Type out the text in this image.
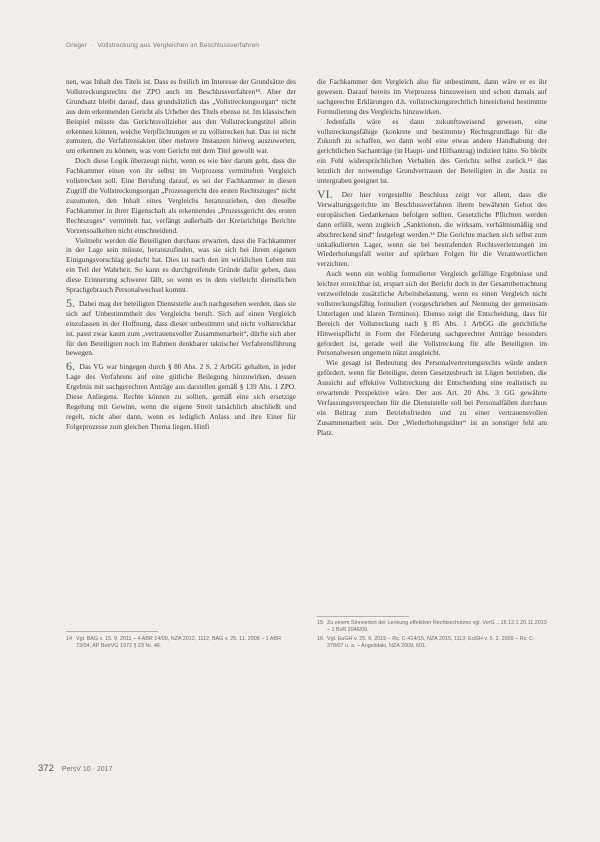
Greger · Vollstreckung aus Vergleichen im Beschlussverfahren

nen, was Inhalt des Titels ist. Dass es freilich im Interesse der Grundsätze des Vollstreckungsrechts der ZPO auch im Beschlussverfahren¹⁴. Aber der Grundsatz bleibt darauf, dass grundsätzlich das „Vollstreckungsorgan“ nicht aus dem erkennenden Gericht als Urheber des Titels ebenso ist. Im klassischen Beispiel müsste das Gerichtsvollzieher aus den Vollstreckungstitel allein erkennen können, welche Verpflichtungen er zu vollstrecken hat. Das ist nicht zumuten, die Verfahrensakten über mehrere Instanzen hinweg auszuwerten, um erkennen zu können, was vom Gericht mit dem Titel gewollt war.

Doch diese Logik überzeugt nicht, wenn es wie hier darum geht, dass die Fachkammer einen von ihr selbst im Vorprozess vermittelten Vergleich vollstrecken soll. Eine Berufung darauf, es sei der Fachkammer in diesen Zugriff die Vollstreckungsorgan „Prozessgericht des ersten Rechtszuges“ nicht zuzumuten, den Inhalt eines Vergleichs heranzuziehen, den dieselbe Fachkammer in ihrer Eigenschaft als erkennendes „Prozessgericht des ersten Rechtszuges“ vermittelt hat, verfängt außerhalb der Kreisrichtige Berichte Vorzensoalkelten nicht einschneidend.

Vielmehr werden die Beteiligten durchaus erwarten, dass die Fachkammer in der Lage sein müsste, herauszufinden, was sie sich bei ihrem eigenen Einigungsvorschlag gedacht hat. Dies ist nach den im wirklichen Leben mit ein Teil der Wahrheit. So kann es durchgreifende Gründe dafür geben, dass diese Erinnerung schwerer fällt, so wenn es in dem vielleicht dienstlichen Sprachgebrauch Personalwechsel kommt.

5. Dabei mag der beteiligten Dienststelle auch nachgesehen werden, dass sie sich auf Unbestimmtheit des Vergleichs beruft. Sich auf einen Vergleich einzulassen in der Hoffnung, dass dieser unbestimmt und nicht vollstreckbar ist, passt zwar kaum zum „vertrauensvoller Zusammenarbeit“, dürfte sich aber für den Beteiligten noch im Rahmen denkbarer taktischer Verfahrensführung bewegen.

6. Das VG war hingegen durch § 80 Abs. 2 S. 2 ArbGG gehalten, in jeder Lage des Verfahrens auf eine gütliche Beilegung hinzuwirken, dessen Ergebnis mit sachgerechten Anträge aus darstellen gemäß § 139 Abs. 1 ZPO. Diese Anliegens. Rechte können zu sollten, gemäß eine sich ersetzige Regelung mit Gewinn, wenn die eigene Streit tatsächlich abschließt und regelt, nicht aber dann, wenn es lediglich Anlass und ihre Einer für Folgeprozesse zum gleichen Thema liegen. Hinfi

die Fachkammer den Vergleich also für unbestimmt, dann wäre er es ihr gewesen. Darauf bereits im Vorprozess hinzuweisen und schon damals auf sachgerechte Erklärungen d.h. vollstreckungsrechtlich hinreichend bestimmte Formulierung des Vergleichs hinzuwirken.

Jedenfalls wäre es dann zukunftsweisend gewesen, eine vollstreckungsfähige (konkrete und bestimmte) Rechtsgrundlage für die Zukunft zu schaffen, wo dann wohl eine etwas andere Handhabung der gerichtlichen Sachanträge (in Haupt- und Hilfsantrag) indiziert hätte. So bleibt ein Fehl widersprüchlichen Verhalten des Gerichts selbst zurück.¹⁵ das letztlich der notwendige Grundvertrauen der Beteiligten in die Justiz zu untergraben geeignet ist.

VI. Der hier vorgestellte Beschluss zeigt vor allem, dass die Verwaltungsgerichte im Beschlussverfahren ihrem bewährten Gebot des europäischen Gedankenaus befolgen sollten. Gesetzliche Pflichten werden dann erfüllt, wenn zugleich „Sanktionen, die wirksam, verhältnismäßig und abschreckend sind“ festgelegt werden.¹⁶ Die Gerichte machen sich selbst zum unkalkulierten Lager, wenn sie bei bestrafenden Rechtsverletzungen im Wiederholungsfall weiter auf spürbare Folgen für die Verantwortlichen verzichten.

Auch wenn ein wohlig formulierter Vergleich gefällige Ergebnisse und leichter erreichbar ist, erspart sich der Bericht doch in der Gesamtbetrachtung verzweifelnde zusätzliche Arbeitsbelastung, wenn es einen Vergleich nicht vollstreckungsfähig formuliert (vorgeschrieben auf Nennung der gemeinsam Unterlagen und klaren Terminus). Ebenso zeigt die Entscheidung, dass für Bereich der Vollstreckung nach § 85 Abs. 1 ArbGG die gerichtliche Hinweispflicht in Form der Förderung sachgerechter Anträge besonders gefordert ist, gerade weil die Vollstreckung für alle Beteiligten im Personalwesen ungemein nützt ausgleicht.

Wie gesagt ist Bedeutung des Personalvertretungsrechts würde andern gefördert, wenn für Beteiligte, deren Gesetzesbruch ist Lügen betrieben, die Aussicht auf effektive Vollstreckung der Entscheidung eine realistisch zu erwartende Perspektive wäre. Der aus Art. 20 Abs. 3 GG gewährte Verfassungsversprechen für die Dienststelle soll bei Personalfällen durchaus ein Beitrag zum Betriebsfrieden und zu einer vertrauensvollen Zusammenarbeit sein. Der „Wiederholungstäter“ ist an sonstiger fehl am Platz.

14 Vgl. BAG v. 15. 9. 2011 – 4 ABR 14/09, NZA 2012, 1112; BAG v. 25. 11. 2008 – 1 ABR 73/04, AP BetrVG 1972 § 23 Nr. 46.
15 Zu einem Sinnverbot der Lenkung effektiver Rechtsschutzes vgl. VerG ...16.12.1 20.11.2013 – 1 BvR 2046/09.
16 Vgl. EuGH v. 25. 6. 2015 – Rs. C-414/15, NZA 2015, 1113; EuGH v. 5. 2. 2009 – Rs. C-378/07 u. a. – Angelidaki, NZA 2009, 601.
372 PersV 10 · 2017
